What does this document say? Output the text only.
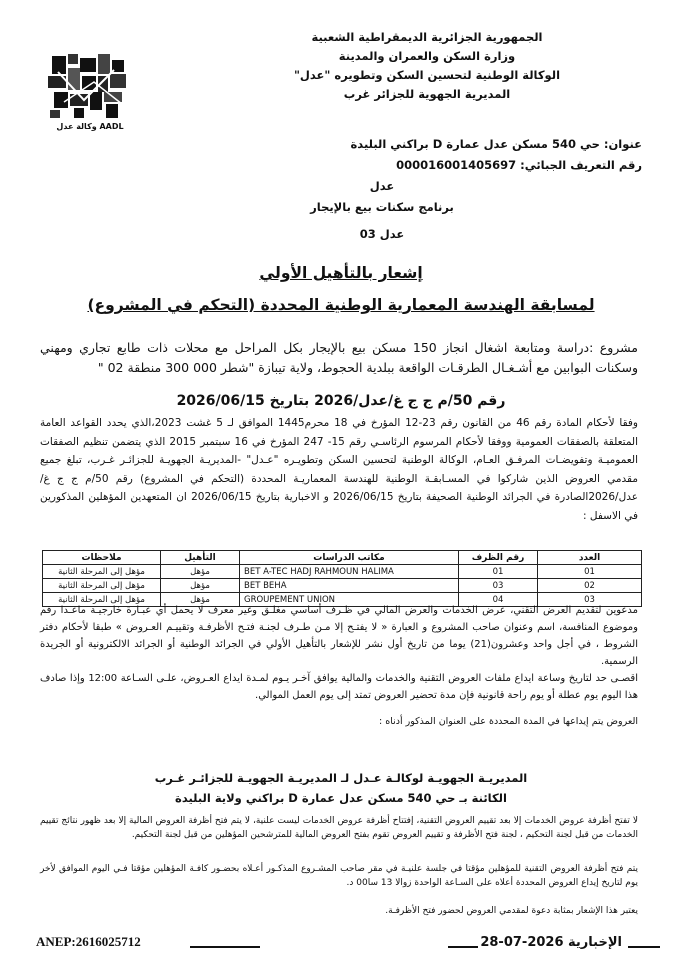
الجمهورية الجزائرية الديمقراطية الشعبية
وزارة السكن والعمران والمدينة
الوكالة الوطنية لتحسين السكن وتطويره "عدل"
المديرية الجهوية للجزائر غرب
وكالة عدل AADL
عنوان: حي 540 مسكن عدل عمارة D براكني البليدة
رقم التعريف الجبائي: 000016001405697
عدل
برنامج سكنات بيع بالإيجار
عدل 03
إشعار بالتأهيل الأولي
لمسابقة الهندسة المعمارية الوطنية المحددة (التحكم في المشروع)
مشروع :دراسة ومتابعة اشغال انجاز 150 مسكن بيع بالإيجار بكل المراحل مع محلات ذات طابع تجاري ومهني وسكنات البوابين مع أشـغـال الطرقـات الواقعة ببلدية الحجوط، ولاية تيبازة "شطر 000 300 منطقة 02 "
رقم 50/م ج ج غ/عدل/2026 بتاريخ 2026/06/15
وفقا لأحكام المادة رقم 46 من القانون رقم 23-12 المؤرخ في 18 محرم1445 الموافق لـ 5 غشت 2023،الذي يحدد القواعد العامة المتعلقة بالصفقات العمومية ووفقا لأحكام المرسوم الرئاسـي رقم 15- 247 المؤرخ في 16 سبتمبر 2015 الذي يتضمن تنظيم الصفقات العموميـة وتفويضـات المرفـق العـام، الوكالة الوطنية لتحسين السكن وتطويـره "عـدل" -المديريـة الجهويـة للجزائـر غـرب، تبلغ جميع مقدمي العروض الذين شاركوا في المسـابقـة الوطنية للهندسة المعماريـة المحددة (التحكم في المشروع) رقم 50/م ج ج غ/عدل/2026الصادرة في الجرائد الوطنية الصحيفة بتاريخ 2026/06/15 و الاخبارية بتاريخ 2026/06/15 ان المتعهدين المؤهلين المذكورين في الاسفل :
العدد	رقم الظرف	مكاتب الدراسات	التأهيل	ملاحظات
01	01	BET A-TEC HADJ RAHMOUN HALIMA	مؤهل	مؤهل إلى المرحلة الثانية
02	03	BET BEHA	مؤهل	مؤهل إلى المرحلة الثانية
03	04	GROUPEMENT UNION	مؤهل	مؤهل إلى المرحلة الثانية
مدعوين لتقديم العرض التقني، عرض الخدمات والعرض المالي في ظـرف أساسي مغلـق وغير معرف لا يحمل أي عبـارة خارجيـة ماعـدا رقم وموضوع المنافسة، اسم وعنوان صاحب المشروع و العبارة « لا يفتـح إلا مـن طـرف لجنـة فتـح الأظرفـة وتقييـم العـروض » طبقا لأحكام دفتر الشروط ، في أجل واحد وعشرون(21) يوما من تاريخ أول نشر للإشعار بالتأهيل الأولي في الجرائد الوطنية أو الجرائد الالكترونية أو الجريدة الرسمية.
اقصـى حد لتاريخ وساعة ايداع ملفات العروض التقنية والخدمات والمالية يوافق آخـر يـوم لمـدة ايداع العـروض، علـى السـاعة 12:00 وإذا صادف هذا اليوم يوم عطلة أو يوم راحة قانونية فإن مدة تحضير العروض تمتد إلى يوم العمل الموالي.
العروض يتم إيداعها في المدة المحددة على العنوان المذكور أدناه :
المديريـة الجهويـة لوكالـة عـدل لـ المديريـة الجهويـة للجزائـر غـرب
الكائنة بـ حي 540 مسكن عدل عمارة D براكني ولاية البليدة
لا تفتح أظرفة عروض الخدمات إلا بعد تقييم العروض التقنية، إفتتاح أظرفة عروض الخدمات ليست علنية، لا يتم فتح أظرفة العروض المالية إلا بعد ظهور نتائج تقييم الخدمات من قبل لجنة التحكيم ، لجنة فتح الأظرفة و تقييم العروض تقوم بفتح العروض المالية للمترشحين المؤهلين من قبل لجنة التحكيم.
يتم فتح أظرفة العروض التقنية للمؤهلين مؤقتا في جلسة علنيـة في مقر صاحب المشـروع المذكـور أعـلاه بحضـور كافـة المؤهلين مؤقتا فـي اليوم الموافق لأخر يوم لتاريخ إيداع العروض المحددة أعلاه على السـاعة الواحدة زوالا 13 سا00 د.
يعتبر هذا الإشعار بمثابة دعوة لمقدمي العروض لحضور فتح الأظرفـة.
ANEP:2616025712	الإخبارية 2026-07-28
